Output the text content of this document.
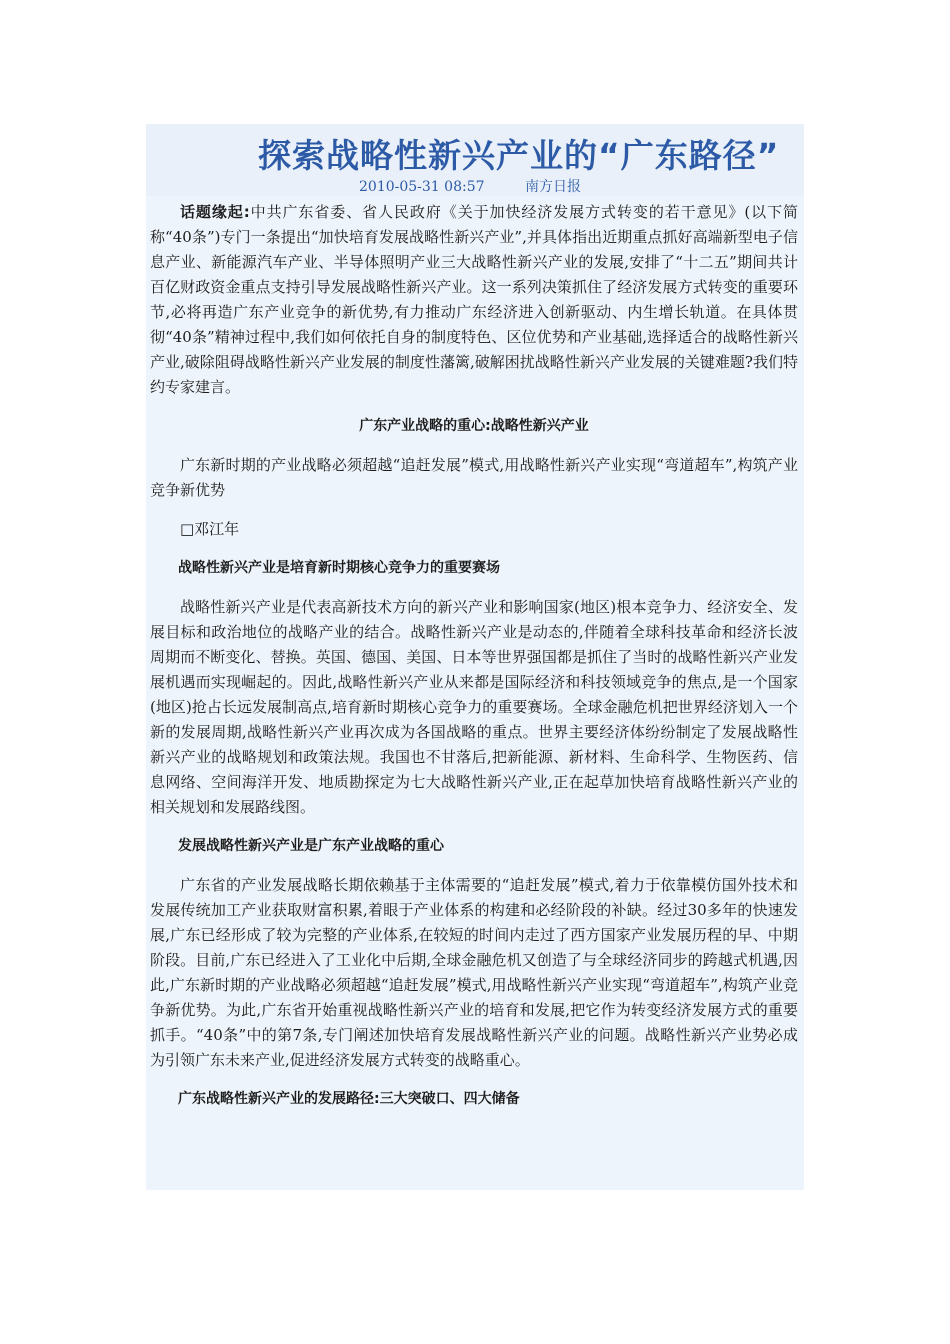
探索战略性新兴产业的“广东路径”
2010-05-31 08:57	南方日报

话题缘起:中共广东省委、省人民政府《关于加快经济发展方式转变的若干意见》(以下简称“40条”)专门一条提出“加快培育发展战略性新兴产业”,并具体指出近期重点抓好高端新型电子信息产业、新能源汽车产业、半导体照明产业三大战略性新兴产业的发展,安排了“十二五”期间共计百亿财政资金重点支持引导发展战略性新兴产业。这一系列决策抓住了经济发展方式转变的重要环节,必将再造广东产业竞争的新优势,有力推动广东经济进入创新驱动、内生增长轨道。在具体贯彻“40条”精神过程中,我们如何依托自身的制度特色、区位优势和产业基础,选择适合的战略性新兴产业,破除阻碍战略性新兴产业发展的制度性藩篱,破解困扰战略性新兴产业发展的关键难题?我们特约专家建言。

广东产业战略的重心:战略性新兴产业

广东新时期的产业战略必须超越“追赶发展”模式,用战略性新兴产业实现“弯道超车”,构筑产业竞争新优势

□邓江年

战略性新兴产业是培育新时期核心竞争力的重要赛场

战略性新兴产业是代表高新技术方向的新兴产业和影响国家(地区)根本竞争力、经济安全、发展目标和政治地位的战略产业的结合。战略性新兴产业是动态的,伴随着全球科技革命和经济长波周期而不断变化、替换。英国、德国、美国、日本等世界强国都是抓住了当时的战略性新兴产业发展机遇而实现崛起的。因此,战略性新兴产业从来都是国际经济和科技领域竞争的焦点,是一个国家(地区)抢占长远发展制高点,培育新时期核心竞争力的重要赛场。全球金融危机把世界经济划入一个新的发展周期,战略性新兴产业再次成为各国战略的重点。世界主要经济体纷纷制定了发展战略性新兴产业的战略规划和政策法规。我国也不甘落后,把新能源、新材料、生命科学、生物医药、信息网络、空间海洋开发、地质勘探定为七大战略性新兴产业,正在起草加快培育战略性新兴产业的相关规划和发展路线图。

发展战略性新兴产业是广东产业战略的重心

广东省的产业发展战略长期依赖基于主体需要的“追赶发展”模式,着力于依靠模仿国外技术和发展传统加工产业获取财富积累,着眼于产业体系的构建和必经阶段的补缺。经过30多年的快速发展,广东已经形成了较为完整的产业体系,在较短的时间内走过了西方国家产业发展历程的早、中期阶段。目前,广东已经进入了工业化中后期,全球金融危机又创造了与全球经济同步的跨越式机遇,因此,广东新时期的产业战略必须超越“追赶发展”模式,用战略性新兴产业实现“弯道超车”,构筑产业竞争新优势。为此,广东省开始重视战略性新兴产业的培育和发展,把它作为转变经济发展方式的重要抓手。“40条”中的第7条,专门阐述加快培育发展战略性新兴产业的问题。战略性新兴产业势必成为引领广东未来产业,促进经济发展方式转变的战略重心。

广东战略性新兴产业的发展路径:三大突破口、四大储备
